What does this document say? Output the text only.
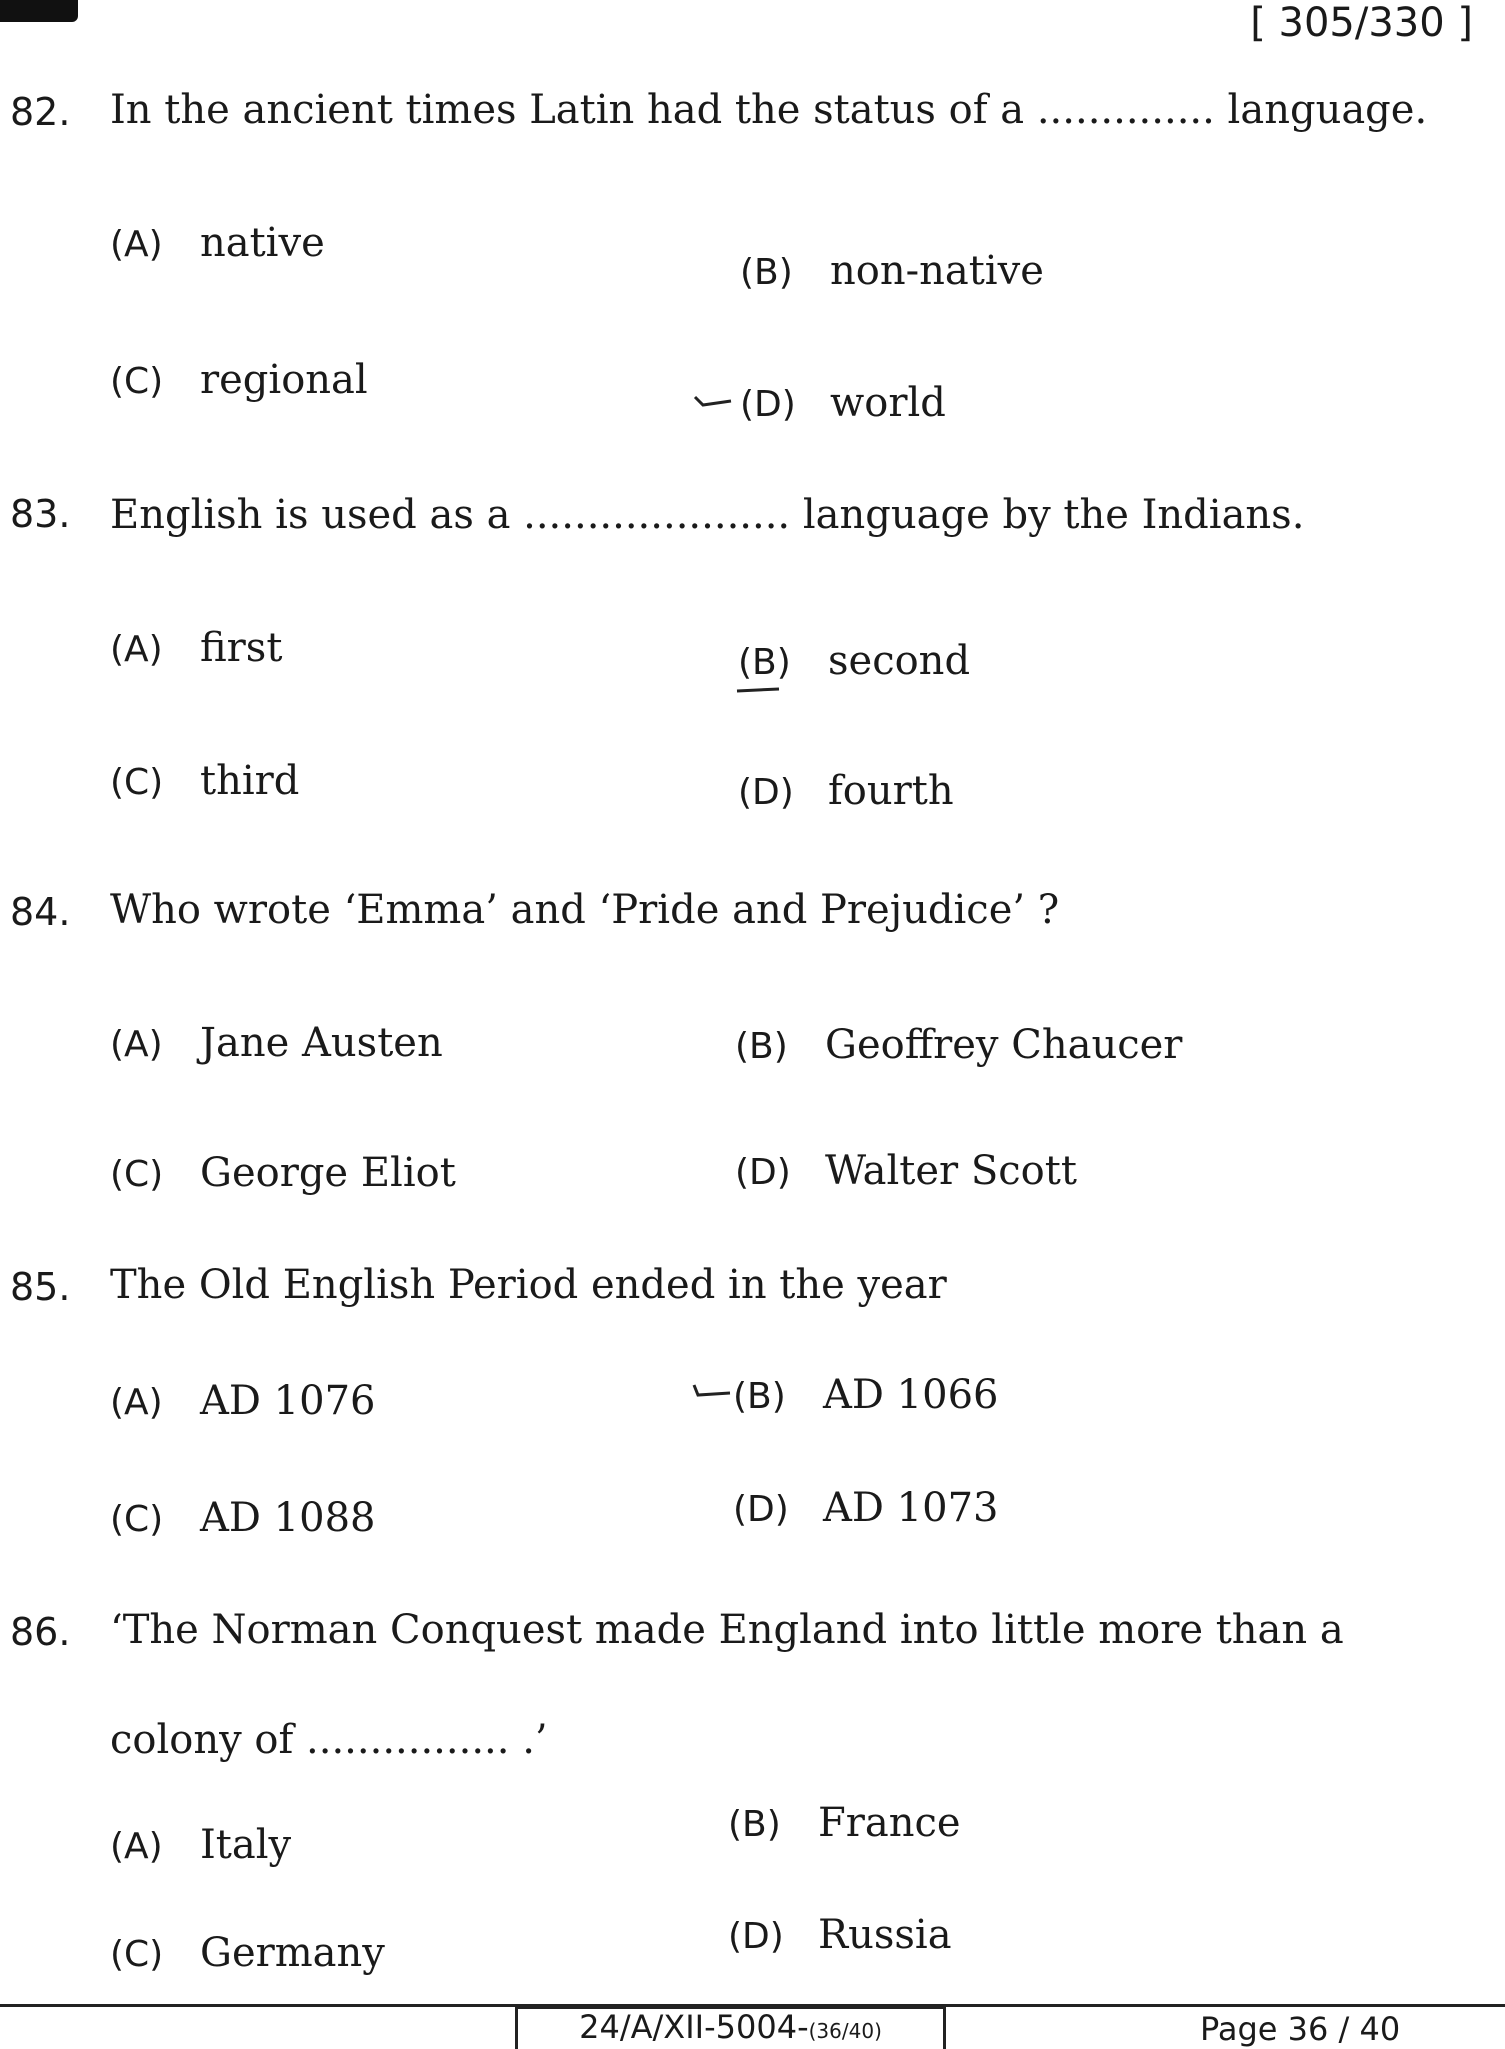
[ 305/330 ]
82. In the ancient times Latin had the status of a .............. language.
(A) native
(B) non-native
(C) regional
(D) world
83. English is used as a ..................... language by the Indians.
(A) first	(B) second
(C) third	(D) fourth
84. Who wrote ‘Emma’ and ‘Pride and Prejudice’ ?
(A) Jane Austen	(B) Geoffrey Chaucer
(C) George Eliot	(D) Walter Scott
85. The Old English Period ended in the year
(A) AD 1076	(B) AD 1066
(C) AD 1088	(D) AD 1073
86. ‘The Norman Conquest made England into little more than a colony of ................ .’
(A) Italy	(B) France
(C) Germany	(D) Russia
24/A/XII-5004-(36/40)	Page 36 / 40
